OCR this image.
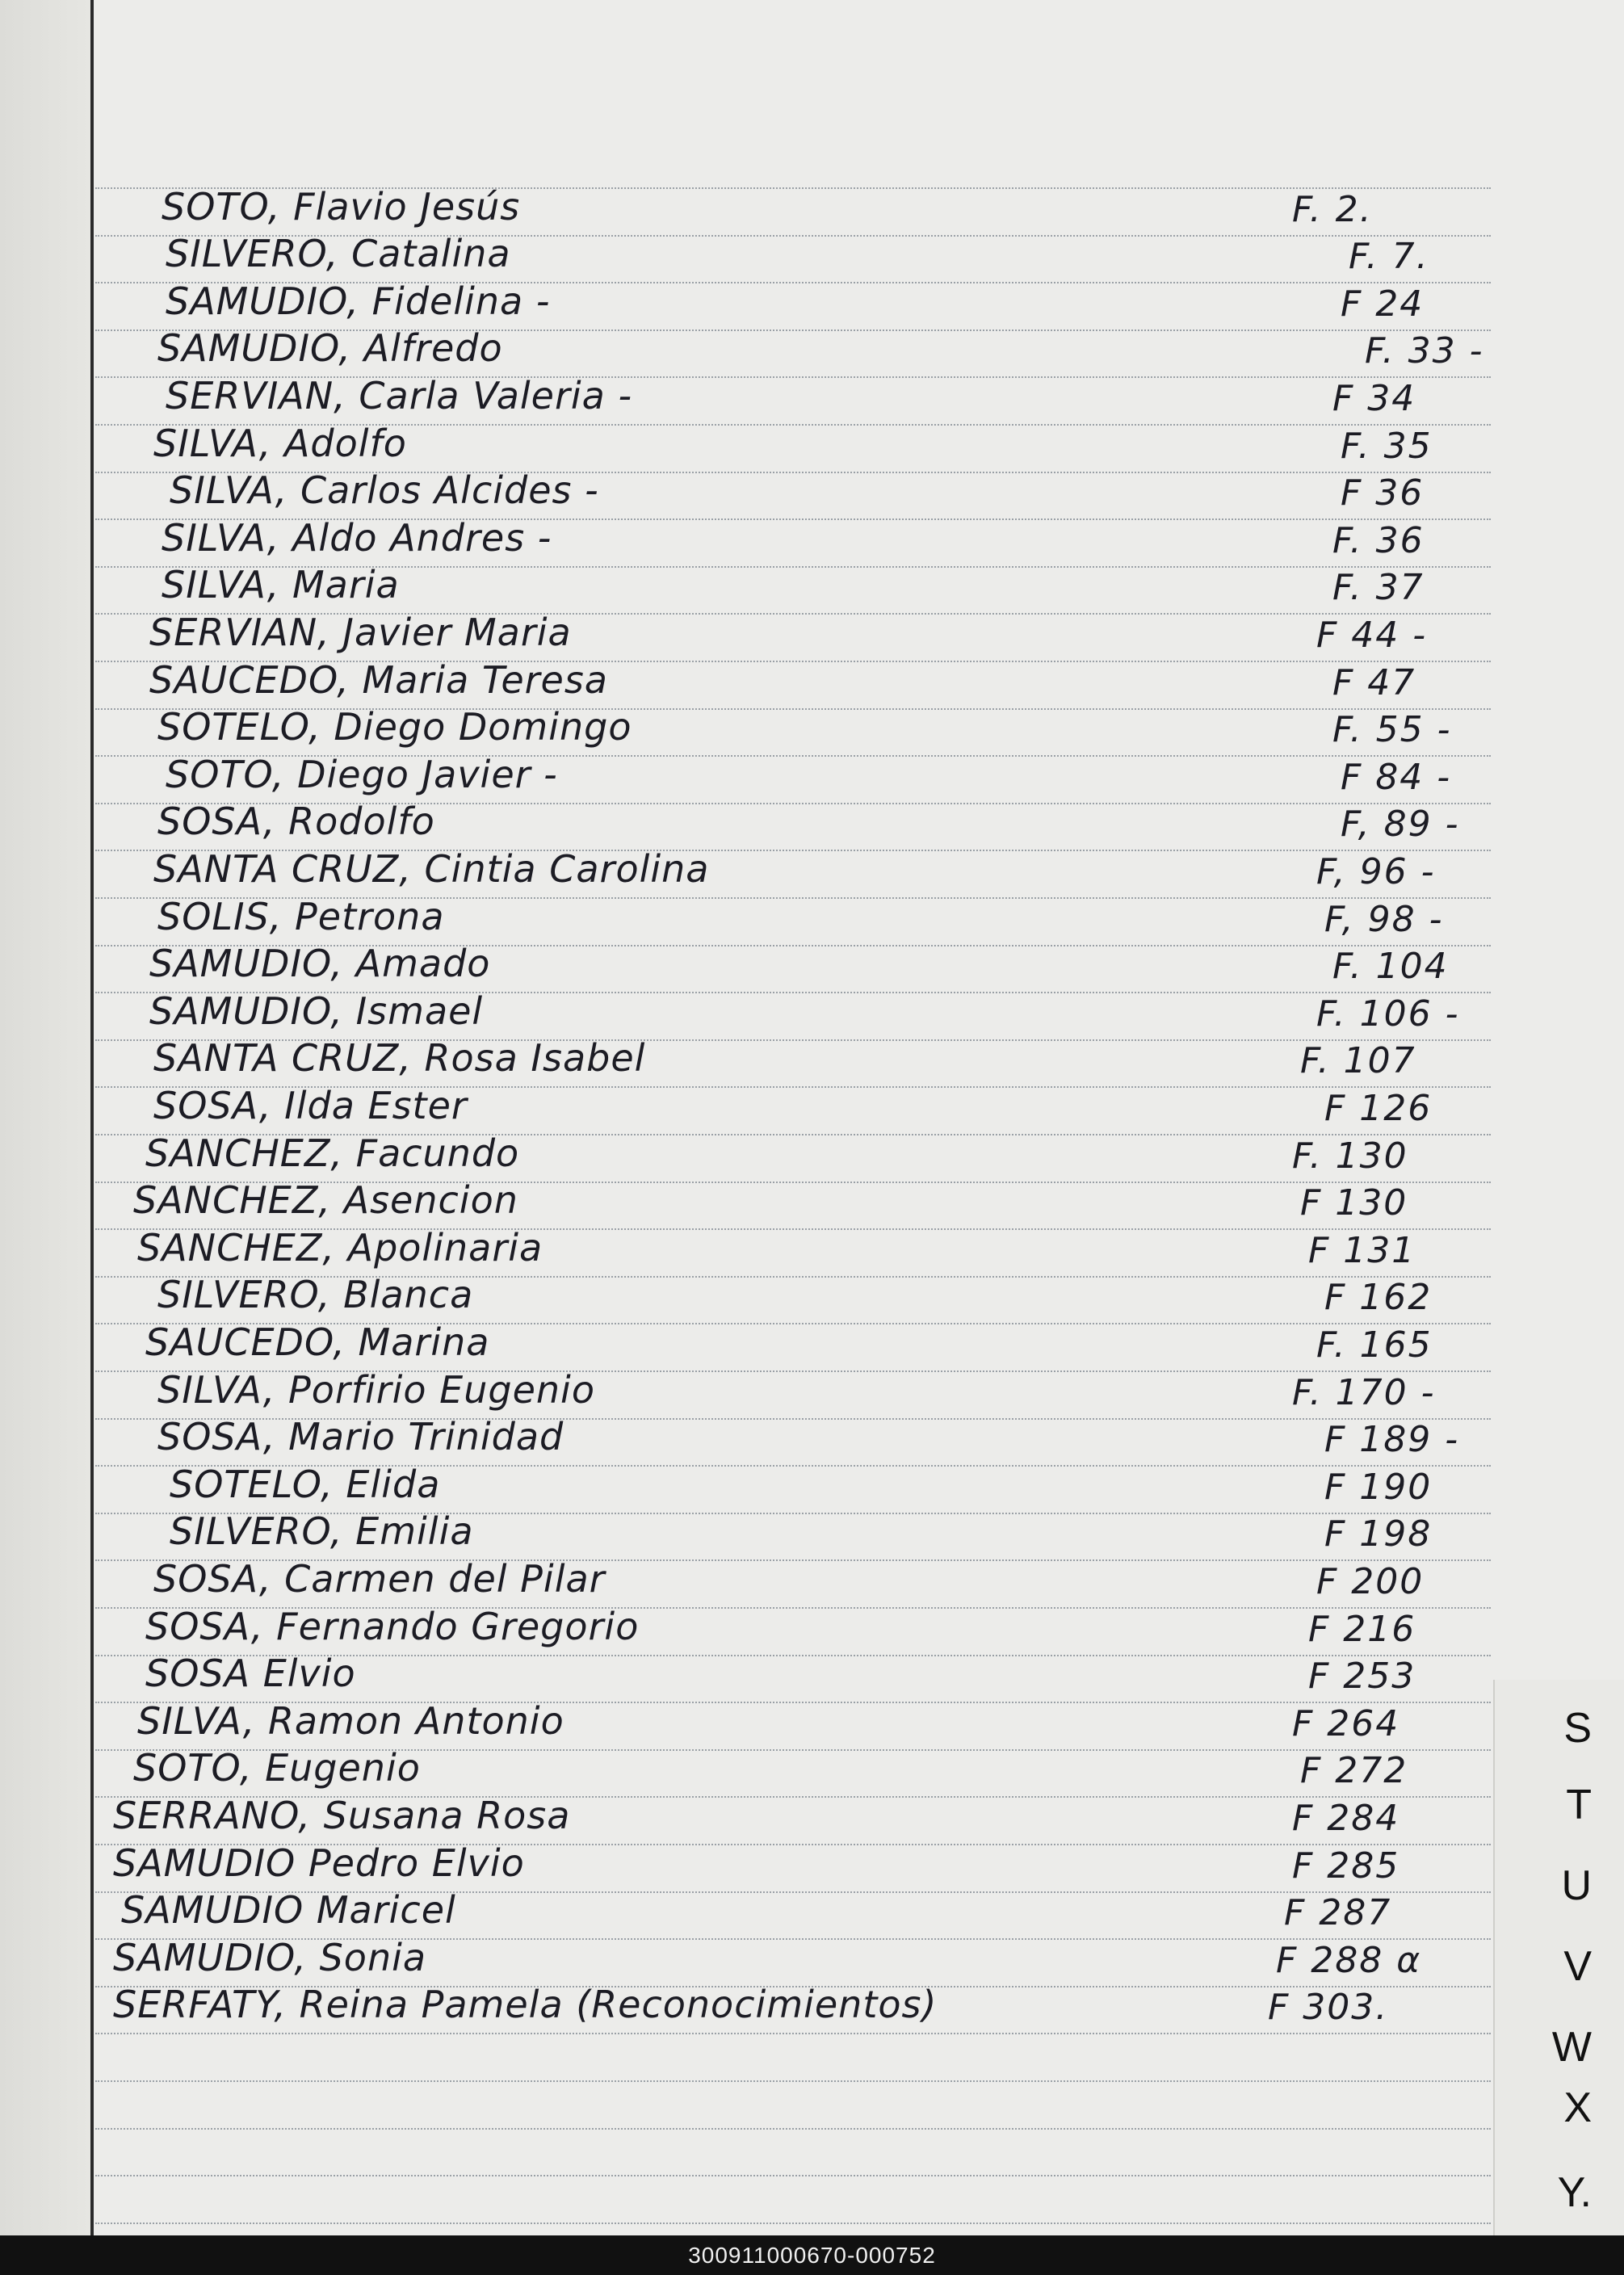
SOTO, Flavio Jesús	F. 2.
SILVERO, Catalina	F. 7.
SAMUDIO, Fidelina -	F 24
SAMUDIO, Alfredo	F. 33 -
SERVIAN, Carla Valeria -	F 34
SILVA, Adolfo	F. 35
SILVA, Carlos Alcides -	F 36
SILVA, Aldo Andres -	F. 36
SILVA, Maria	F. 37
SERVIAN, Javier Maria	F 44 -
SAUCEDO, Maria Teresa	F 47
SOTELO, Diego Domingo	F. 55 -
SOTO, Diego Javier -	F 84 -
SOSA, Rodolfo	F, 89 -
SANTA CRUZ, Cintia Carolina	F, 96 -
SOLIS, Petrona	F, 98 -
SAMUDIO, Amado	F. 104
SAMUDIO, Ismael	F. 106 -
SANTA CRUZ, Rosa Isabel	F. 107
SOSA, Ilda Ester	F 126
SANCHEZ, Facundo	F. 130
SANCHEZ, Asencion	F 130
SANCHEZ, Apolinaria	F 131
SILVERO, Blanca	F 162
SAUCEDO, Marina	F. 165
SILVA, Porfirio Eugenio	F. 170 -
SOSA, Mario Trinidad	F 189 -
SOTELO, Elida	F 190
SILVERO, Emilia	F 198
SOSA, Carmen del Pilar	F 200
SOSA, Fernando Gregorio	F 216
SOSA Elvio	F 253
SILVA, Ramon Antonio	F 264
SOTO, Eugenio	F 272
SERRANO, Susana Rosa	F 284
SAMUDIO Pedro Elvio	F 285
SAMUDIO Maricel	F 287
SAMUDIO, Sonia	F 288 α
SERFATY, Reina Pamela (Reconocimientos)	F 303.
S
T
U
V
W
X
Y.
300911000670-000752
